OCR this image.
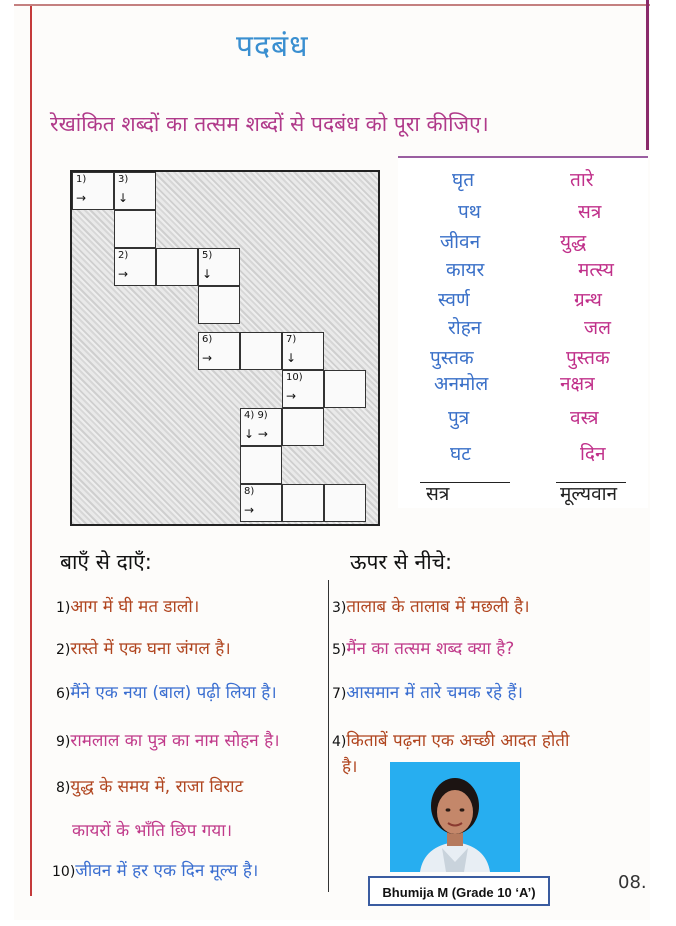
पदबंध
रेखांकित शब्दों का तत्सम शब्दों से पदबंध को पूरा कीजिए।
1)
→
3)
↓
2)
→
5)
↓
6)
→
7)
↓
10)
→
4) 9)
↓ →
8)
→
घृत
पथ
जीवन
कायर
स्वर्ण
रोहन
पुस्तक
अनमोल
पुत्र
घट
सत्र
तारे
सत्र
युद्ध
मत्स्य
ग्रन्थ
जल
पुस्तक
नक्षत्र
वस्त्र
दिन
मूल्यवान
बाएँ से दाएँ:	ऊपर से नीचे:
1)आग में घी मत डालो।
2)रास्ते में एक घना जंगल है।
6)मैंने एक नया (बाल) पढ़ी लिया है।
9)रामलाल का पुत्र का नाम सोहन है।
8)युद्ध के समय में, राजा विराट
कायरों के भाँति छिप गया।
10)जीवन में हर एक दिन मूल्य है।
3)तालाब के तालाब में मछली है।
5)मैंन का तत्सम शब्द क्या है?
7)आसमान में तारे चमक रहे हैं।
4)किताबें पढ़ना एक अच्छी आदत होती
है।
Bhumija M (Grade 10 ‘A’)	08.
